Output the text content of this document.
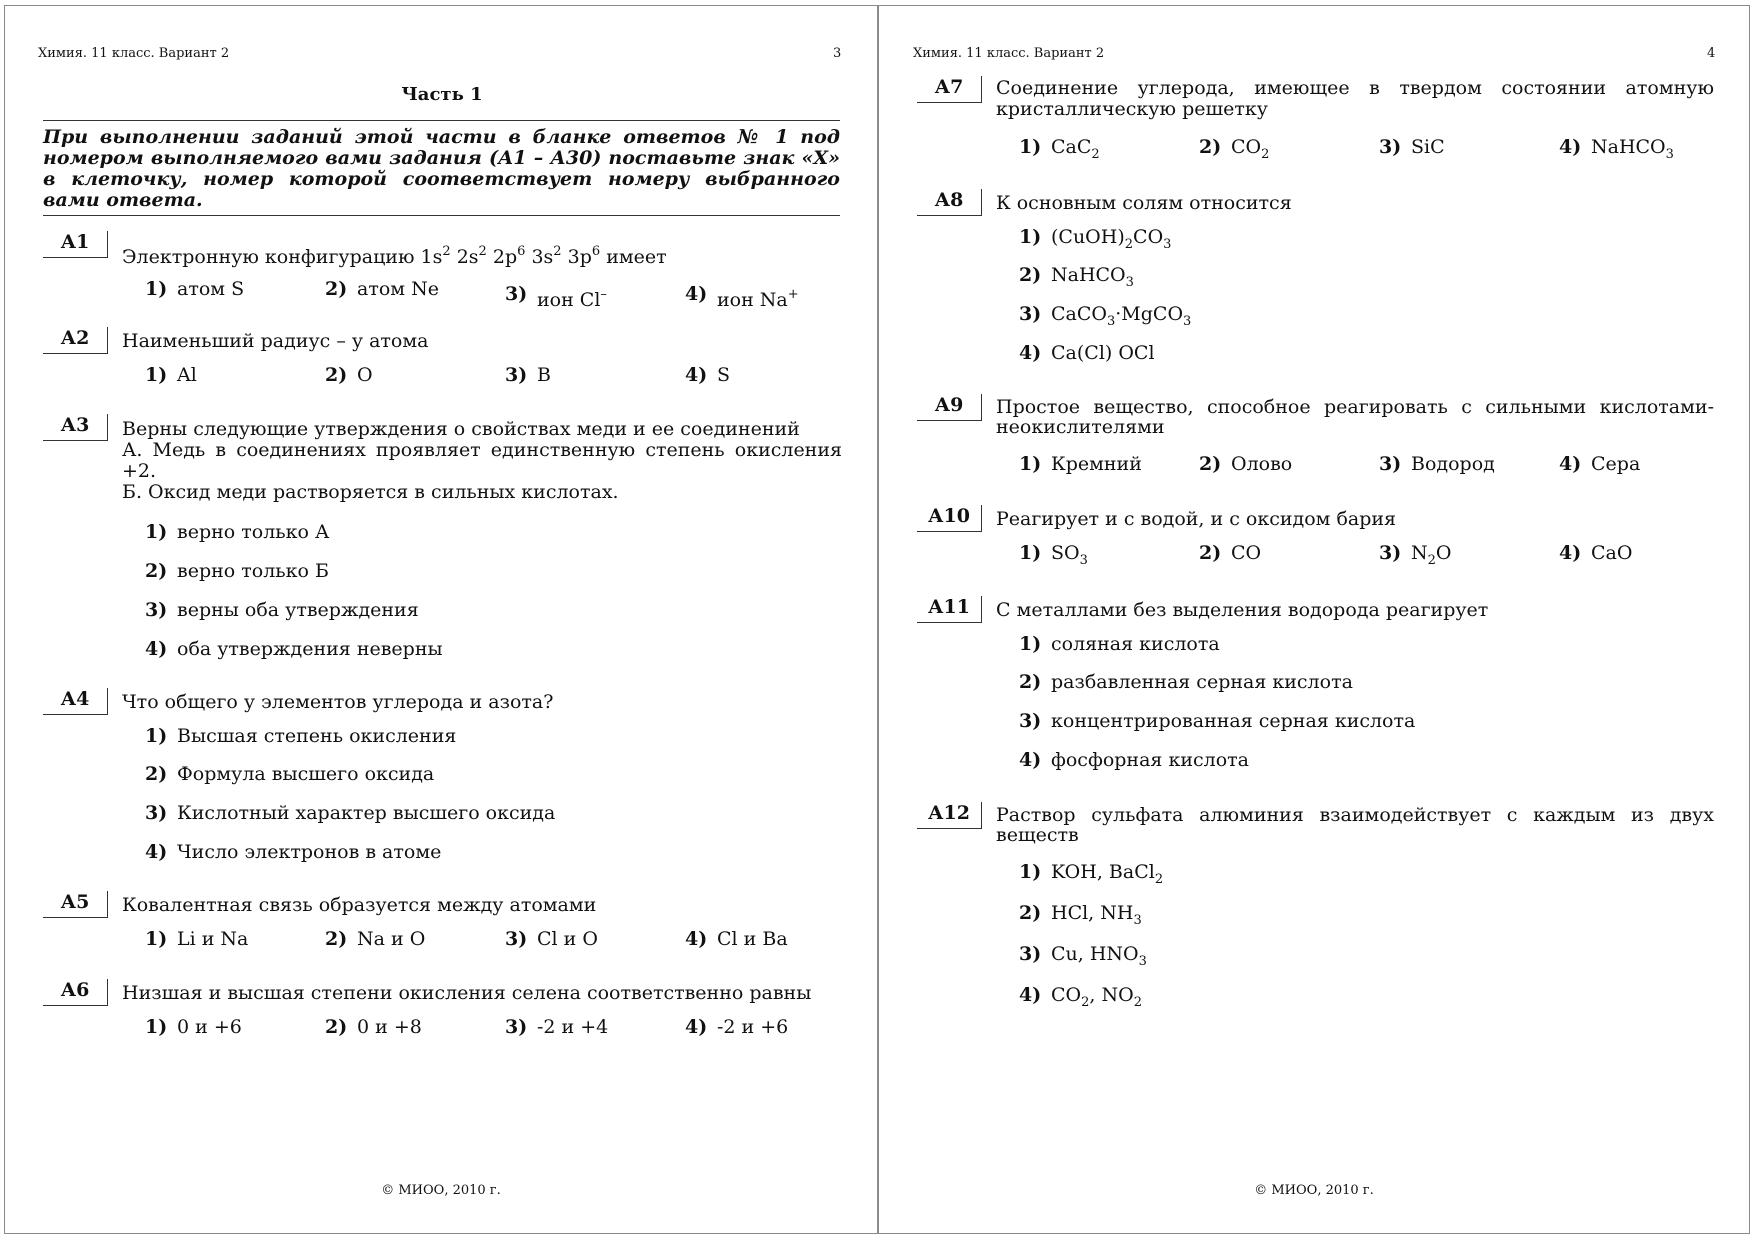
Химия. 11 класс. Вариант 2	3
Часть 1
При выполнении заданий этой части в бланке ответов № 1 под номером выполняемого вами задания (А1 – А30) поставьте знак «Х» в клеточку, номер которой соответствует номеру выбранного вами ответа.
А1
Электронную конфигурацию $1s^2$ $2s^2$ $2p^6$ $3s^2$ $3p^6$ имеет
1) атом S	2) атом Ne	3) ион Cl–	4) ион Na+
А2	Наименьший радиус – у атома
1) Al	2) O	3) B	4) S
А3	Верны следующие утверждения о свойствах меди и ее соединений
А. Медь в соединениях проявляет единственную степень окисления +2.
Б. Оксид меди растворяется в сильных кислотах.
1) верно только А
2) верно только Б
3) верны оба утверждения
4) оба утверждения неверны
А4	Что общего у элементов углерода и азота?
1) Высшая степень окисления
2) Формула высшего оксида
3) Кислотный характер высшего оксида
4) Число электронов в атоме
А5	Ковалентная связь образуется между атомами
1) Li и Na	2) Na и O	3) Cl и O	4) Cl и Ba
А6	Низшая и высшая степени окисления селена соответственно равны
1) 0 и +6	2) 0 и +8	3) -2 и +4	4) -2 и +6
© МИОО, 2010 г.
Химия. 11 класс. Вариант 2	4
А7	Соединение углерода, имеющее в твердом состоянии атомную кристаллическую решетку
1) CaC$_2$	2) $CO_2$	3) SiC	4) NaHCO$_3$
А8	К основным солям относится
1) $(CuOH)_2CO_3$
2) NaHCO$_3$
3) CaCO$_3$·MgCO$_3$
4) Ca(Cl) OCl
А9	Простое вещество, способное реагировать с сильными кислотами-неокислителями
1) Кремний	2) Олово	3) Водород	4) Сера
А10	Реагирует и с водой, и с оксидом бария
1) $SO_3$	2) CO	3) $N_2O$	4) CaO
А11	С металлами без выделения водорода реагирует
1) соляная кислота
2) разбавленная серная кислота
3) концентрированная серная кислота
4) фосфорная кислота
А12	Раствор сульфата алюминия взаимодействует с каждым из двух веществ
1) KOH, BaCl$_2$
2) HCl, $NH_3$
3) Cu, $HNO_3$
4) $CO_2$, $NO_2$
© МИОО, 2010 г.
